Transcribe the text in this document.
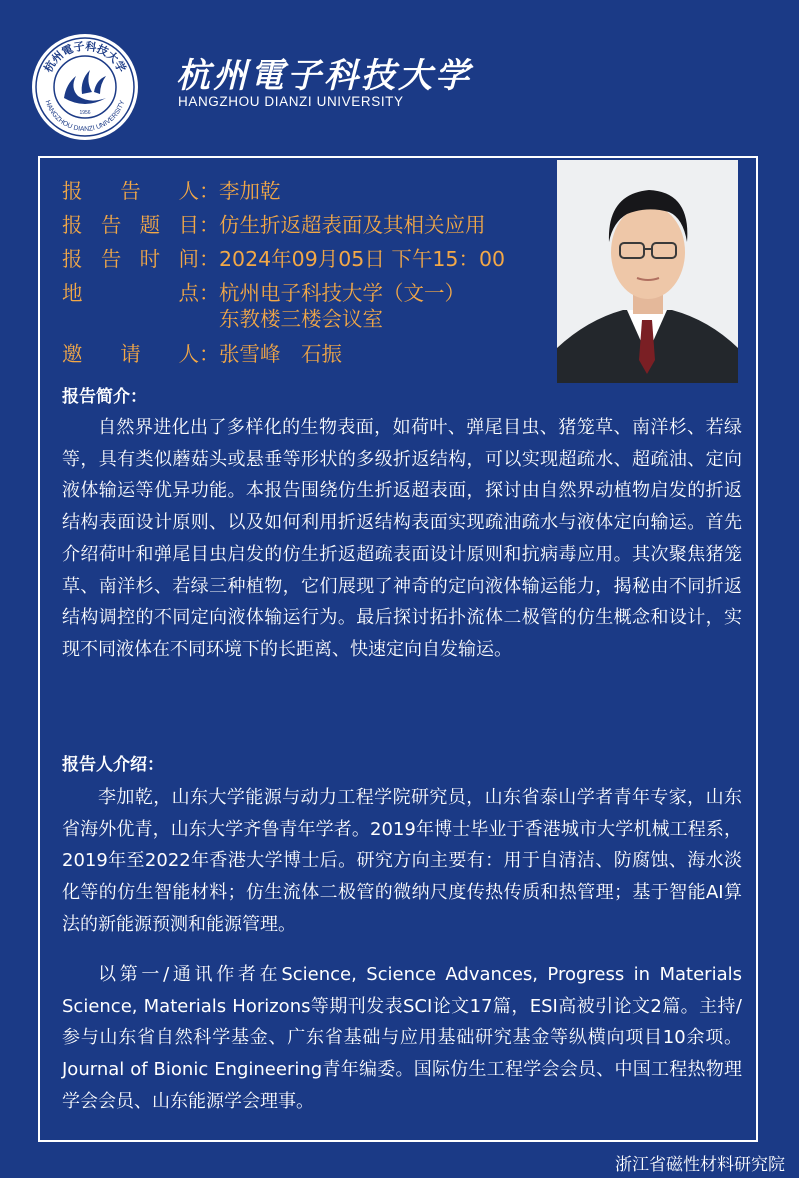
杭州電子科技大学
HANGZHOU DIANZI UNIVERSITY
1956
杭州電子科技大学
HANGZHOU DIANZI UNIVERSITY
报告人：李加乾
报告题目：仿生折返超表面及其相关应用
报告时间：2024年09月05日 下午15：00
地点：杭州电子科技大学（文一）
东教楼三楼会议室
邀请人：张雪峰　石振
报告简介：

自然界进化出了多样化的生物表面，如荷叶、弹尾目虫、猪笼草、南洋杉、若绿等，具有类似蘑菇头或悬垂等形状的多级折返结构，可以实现超疏水、超疏油、定向液体输运等优异功能。本报告围绕仿生折返超表面，探讨由自然界动植物启发的折返结构表面设计原则、以及如何利用折返结构表面实现疏油疏水与液体定向输运。首先介绍荷叶和弹尾目虫启发的仿生折返超疏表面设计原则和抗病毒应用。其次聚焦猪笼草、南洋杉、若绿三种植物，它们展现了神奇的定向液体输运能力，揭秘由不同折返结构调控的不同定向液体输运行为。最后探讨拓扑流体二极管的仿生概念和设计，实现不同液体在不同环境下的长距离、快速定向自发输运。

报告人介绍：

李加乾，山东大学能源与动力工程学院研究员，山东省泰山学者青年专家，山东省海外优青，山东大学齐鲁青年学者。2019年博士毕业于香港城市大学机械工程系，2019年至2022年香港大学博士后。研究方向主要有：用于自清洁、防腐蚀、海水淡化等的仿生智能材料；仿生流体二极管的微纳尺度传热传质和热管理；基于智能AI算法的新能源预测和能源管理。

以第一/通讯作者在Science, Science Advances, Progress in Materials Science, Materials Horizons等期刊发表SCI论文17篇，ESI高被引论文2篇。主持/参与山东省自然科学基金、广东省基础与应用基础研究基金等纵横向项目10余项。Journal of Bionic Engineering青年编委。国际仿生工程学会会员、中国工程热物理学会会员、山东能源学会理事。

浙江省磁性材料研究院
